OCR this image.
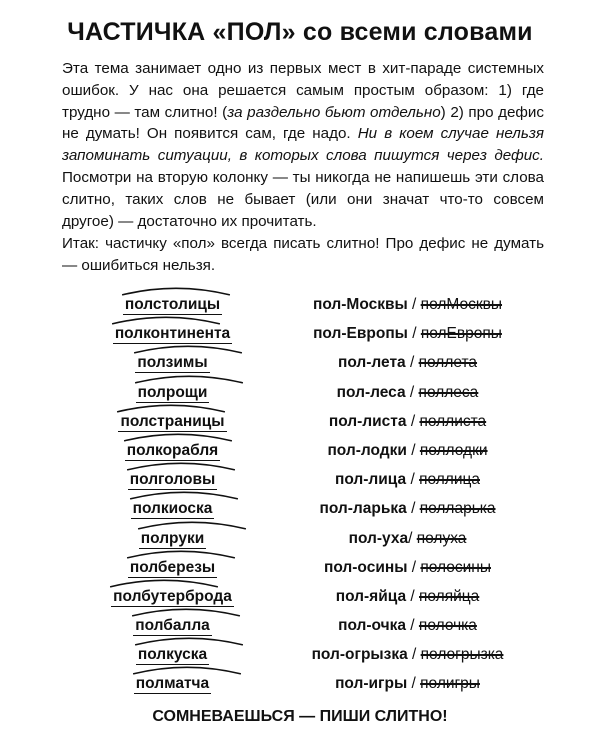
ЧАСТИЧКА «ПОЛ» со всеми словами

Эта тема занимает одно из первых мест в хит-параде системных ошибок. У нас она решается самым простым образом: 1) где трудно — там слитно! (за раздельно бьют отдельно) 2) про дефис не думать! Он появится сам, где надо. Ни в коем случае нельзя запоминать ситуации, в которых слова пишутся через дефис. Посмотри на вторую колонку — ты никогда не напишешь эти слова слитно, таких слов не бывает (или они значат что-то совсем другое) — достаточно их прочитать.

Итак: частичку «пол» всегда писать слитно! Про дефис не думать — ошибиться нельзя.

полстолицы	пол-Москвы / полМосквы
полконтинента	пол-Европы / полЕвропы
ползимы	пол-лета / поллета
полрощи	пол-леса / поллеса
полстраницы	пол-листа / поллиста
полкорабля	пол-лодки / поллодки
полголовы	пол-лица / поллица
полкиоска	пол-ларька / полларька
полруки	пол-уха/ полуха
полберезы	пол-осины / полосины
полбутерброда	пол-яйца / поляйца
полбалла	пол-очка / полочка
полкуска	пол-огрызка / пологрызка
полматча	пол-игры / полигры
СОМНЕВАЕШЬСЯ — ПИШИ СЛИТНО!
